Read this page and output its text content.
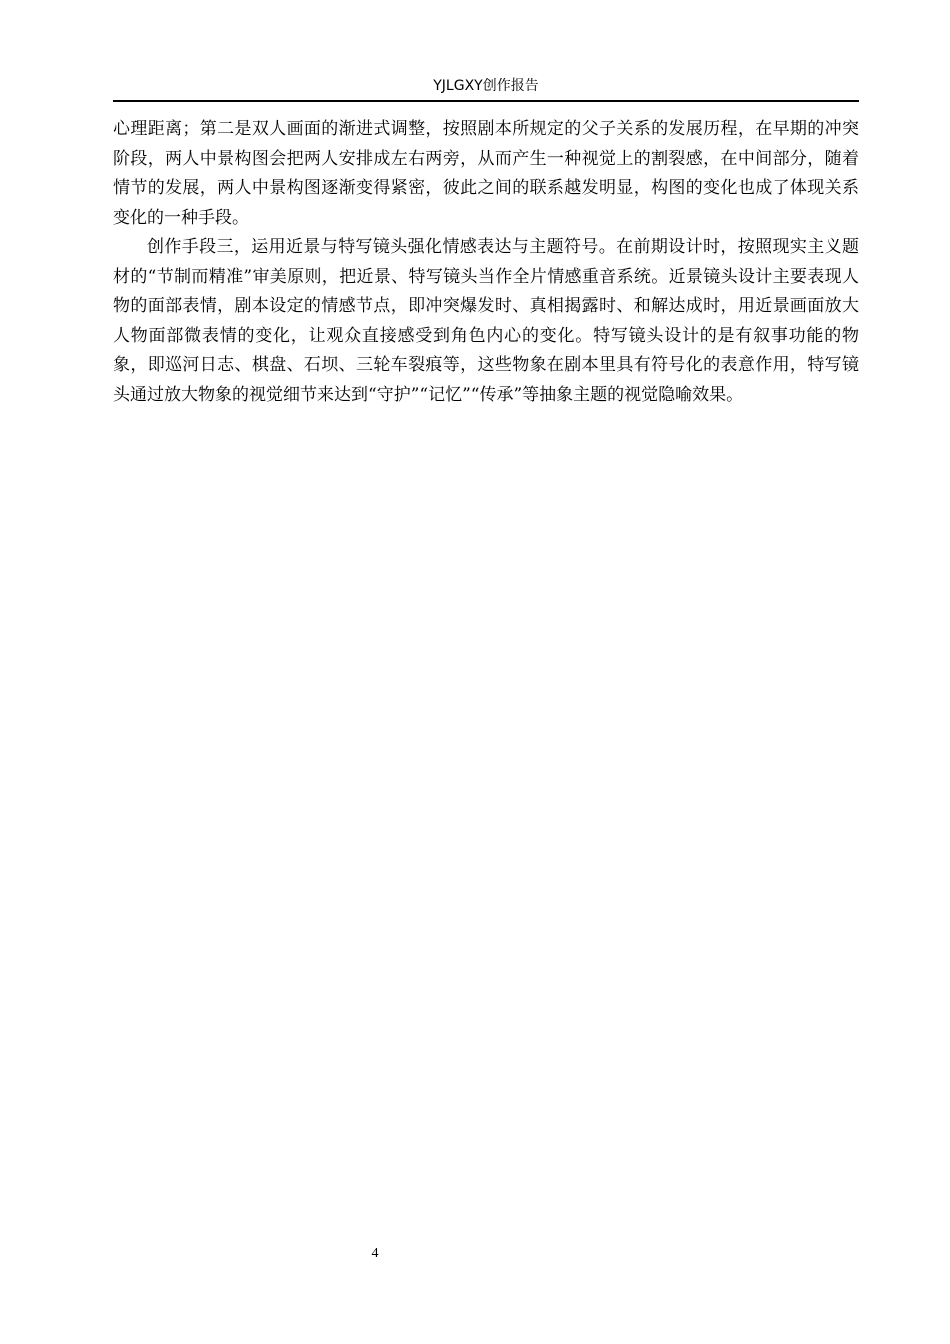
YJLGXY创作报告

心理距离；第二是双人画面的渐进式调整，按照剧本所规定的父子关系的发展历程，在早期的冲突阶段，两人中景构图会把两人安排成左右两旁，从而产生一种视觉上的割裂感，在中间部分，随着情节的发展，两人中景构图逐渐变得紧密，彼此之间的联系越发明显，构图的变化也成了体现关系变化的一种手段。

创作手段三，运用近景与特写镜头强化情感表达与主题符号。在前期设计时，按照现实主义题材的“节制而精准”审美原则，把近景、特写镜头当作全片情感重音系统。近景镜头设计主要表现人物的面部表情，剧本设定的情感节点，即冲突爆发时、真相揭露时、和解达成时，用近景画面放大人物面部微表情的变化，让观众直接感受到角色内心的变化。特写镜头设计的是有叙事功能的物象，即巡河日志、棋盘、石坝、三轮车裂痕等，这些物象在剧本里具有符号化的表意作用，特写镜头通过放大物象的视觉细节来达到“守护”“记忆”“传承”等抽象主题的视觉隐喻效果。

4
